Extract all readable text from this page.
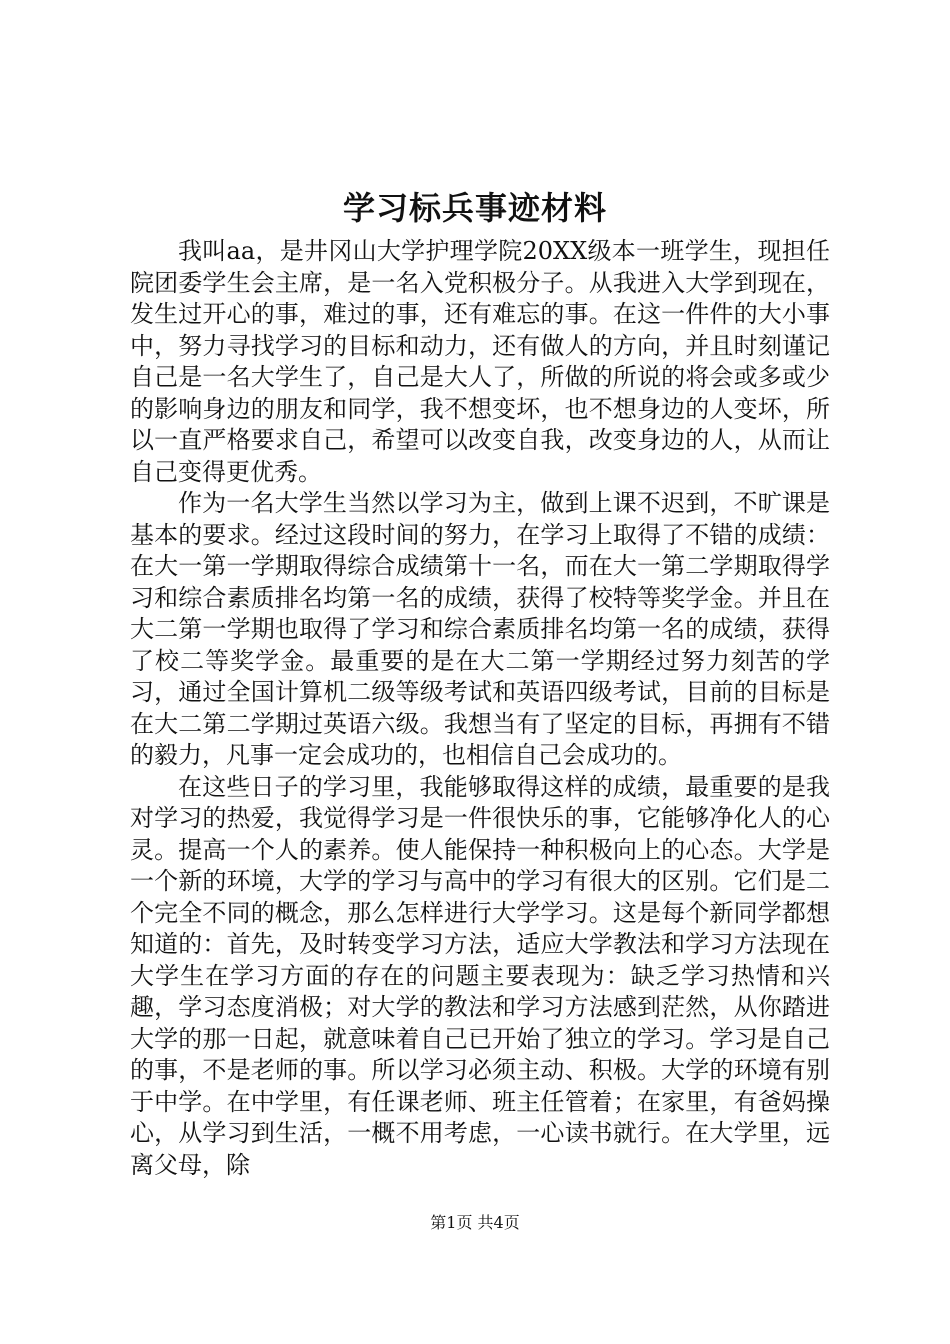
学习标兵事迹材料

我叫aa，是井冈山大学护理学院20XX级本一班学生，现担任院团委学生会主席，是一名入党积极分子。从我进入大学到现在，发生过开心的事，难过的事，还有难忘的事。在这一件件的大小事中，努力寻找学习的目标和动力，还有做人的方向，并且时刻谨记自己是一名大学生了，自己是大人了，所做的所说的将会或多或少的影响身边的朋友和同学，我不想变坏，也不想身边的人变坏，所以一直严格要求自己，希望可以改变自我，改变身边的人，从而让自己变得更优秀。

作为一名大学生当然以学习为主，做到上课不迟到，不旷课是基本的要求。经过这段时间的努力，在学习上取得了不错的成绩：在大一第一学期取得综合成绩第十一名，而在大一第二学期取得学习和综合素质排名均第一名的成绩，获得了校特等奖学金。并且在大二第一学期也取得了学习和综合素质排名均第一名的成绩，获得了校二等奖学金。最重要的是在大二第一学期经过努力刻苦的学习，通过全国计算机二级等级考试和英语四级考试，目前的目标是在大二第二学期过英语六级。我想当有了坚定的目标，再拥有不错的毅力，凡事一定会成功的，也相信自己会成功的。

在这些日子的学习里，我能够取得这样的成绩，最重要的是我对学习的热爱，我觉得学习是一件很快乐的事，它能够净化人的心灵。提高一个人的素养。使人能保持一种积极向上的心态。大学是一个新的环境，大学的学习与高中的学习有很大的区别。它们是二个完全不同的概念，那么怎样进行大学学习。这是每个新同学都想知道的：首先，及时转变学习方法，适应大学教法和学习方法现在大学生在学习方面的存在的问题主要表现为：缺乏学习热情和兴趣，学习态度消极；对大学的教法和学习方法感到茫然，从你踏进大学的那一日起，就意味着自己已开始了独立的学习。学习是自己的事，不是老师的事。所以学习必须主动、积极。大学的环境有别于中学。在中学里，有任课老师、班主任管着；在家里，有爸妈操心，从学习到生活，一概不用考虑，一心读书就行。在大学里，远离父母，除

第1页 共4页
